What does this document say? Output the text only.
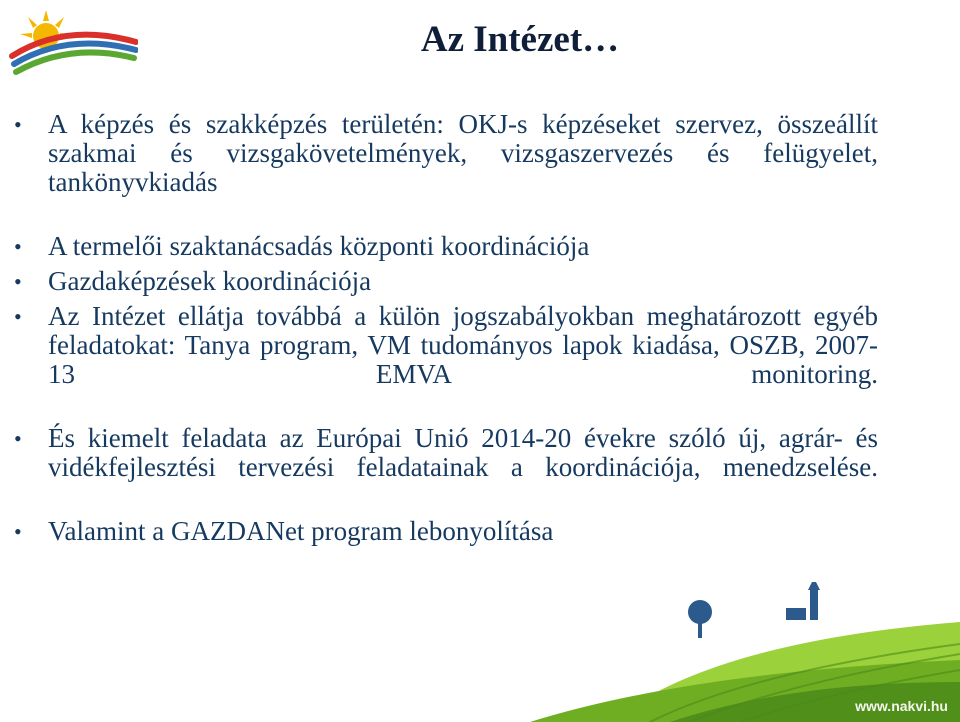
Az Intézet…
• A képzés és szakképzés területén: OKJ-s képzéseket szervez, összeállít szakmai és vizsgakövetelmények, vizsgaszervezés és felügyelet, tankönyvkiadás
• A termelői szaktanácsadás központi koordinációja
• Gazdaképzések koordinációja
• Az Intézet ellátja továbbá a külön jogszabályokban meghatározott egyéb feladatokat: Tanya program, VM tudományos lapok kiadása, OSZB, 2007-13 EMVA monitoring.
• És kiemelt feladata az Európai Unió 2014-20 évekre szóló új, agrár- és vidékfejlesztési tervezési feladatainak a koordinációja, menedzselése.
• Valamint a GAZDANet program lebonyolítása
www.nakvi.hu
